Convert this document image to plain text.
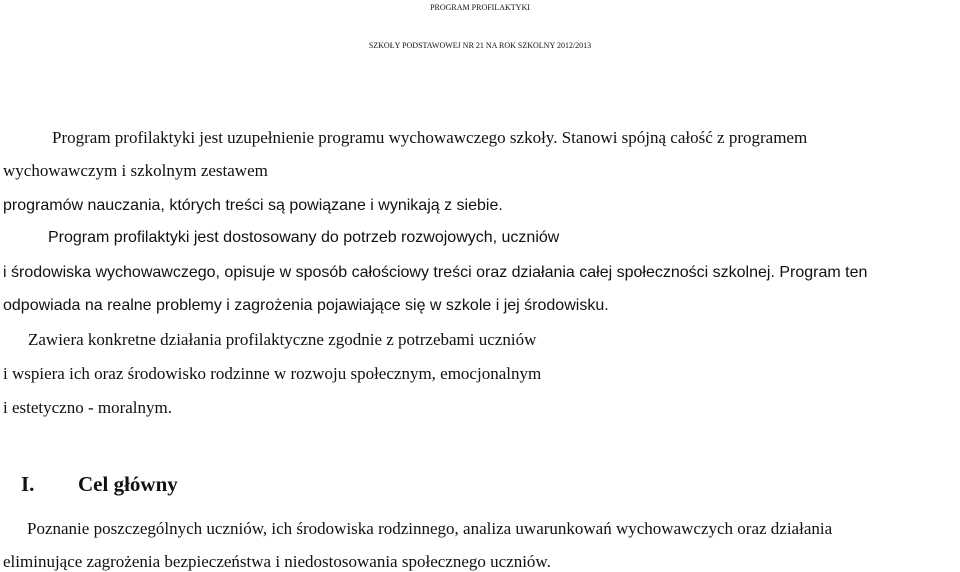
PROGRAM PROFILAKTYKI
SZKOŁY PODSTAWOWEJ NR 21 NA ROK SZKOLNY 2012/2013
Program profilaktyki jest uzupełnienie programu wychowawczego szkoły. Stanowi spójną całość z programem
wychowawczym i szkolnym zestawem
programów nauczania, których treści są powiązane i wynikają z siebie.
Program profilaktyki jest dostosowany do potrzeb rozwojowych, uczniów
i środowiska wychowawczego, opisuje w sposób całościowy treści oraz działania całej społeczności szkolnej. Program ten
odpowiada na realne problemy i zagrożenia pojawiające się w szkole i jej środowisku.
Zawiera konkretne działania profilaktyczne zgodnie z potrzebami uczniów
i wspiera ich oraz środowisko rodzinne w rozwoju społecznym, emocjonalnym
i estetyczno - moralnym.
I. Cel główny
Poznanie poszczególnych uczniów, ich środowiska rodzinnego, analiza uwarunkowań wychowawczych oraz działania
eliminujące zagrożenia bezpieczeństwa i niedostosowania społecznego uczniów.
